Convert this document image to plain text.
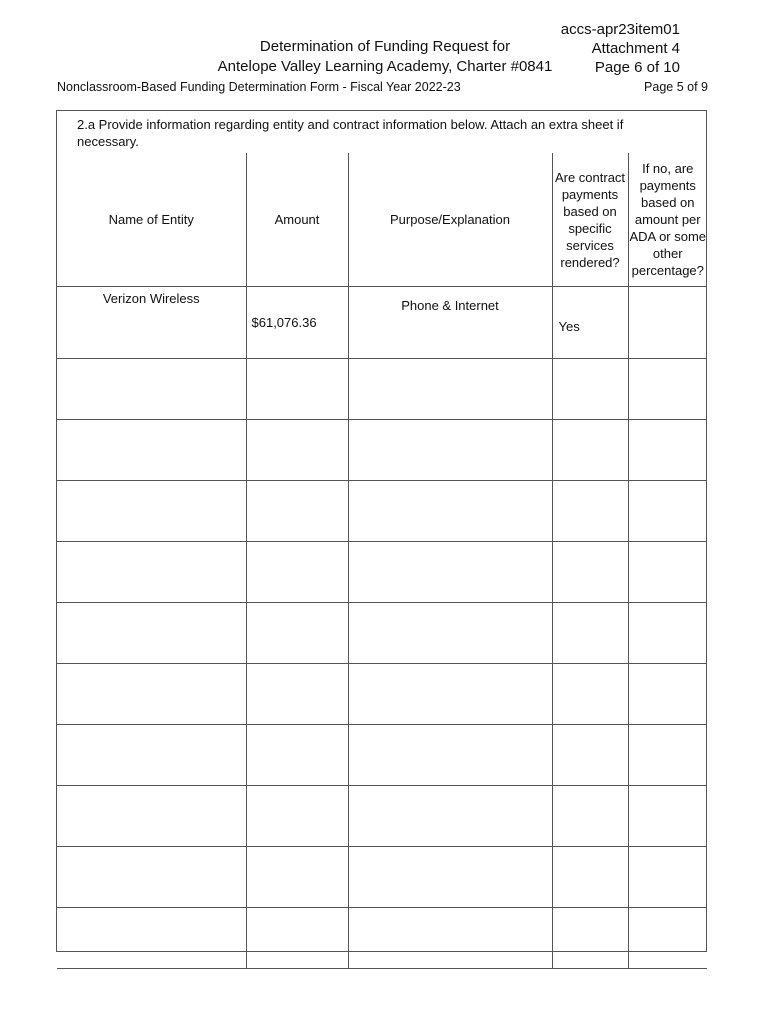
Determination of Funding Request for
Antelope Valley Learning Academy, Charter #0841
accs-apr23item01
Attachment 4
Page 6 of 10
Nonclassroom-Based Funding Determination Form - Fiscal Year 2022-23	Page 5 of 9
2.a Provide information regarding entity and contract information below. Attach an extra sheet if necessary.
Name of Entity	Amount	Purpose/Explanation	Are contract payments based on specific services rendered?	If no, are payments based on amount per ADA or some other percentage?
Verizon Wireless	$61,076.36	Phone & Internet	Yes	
